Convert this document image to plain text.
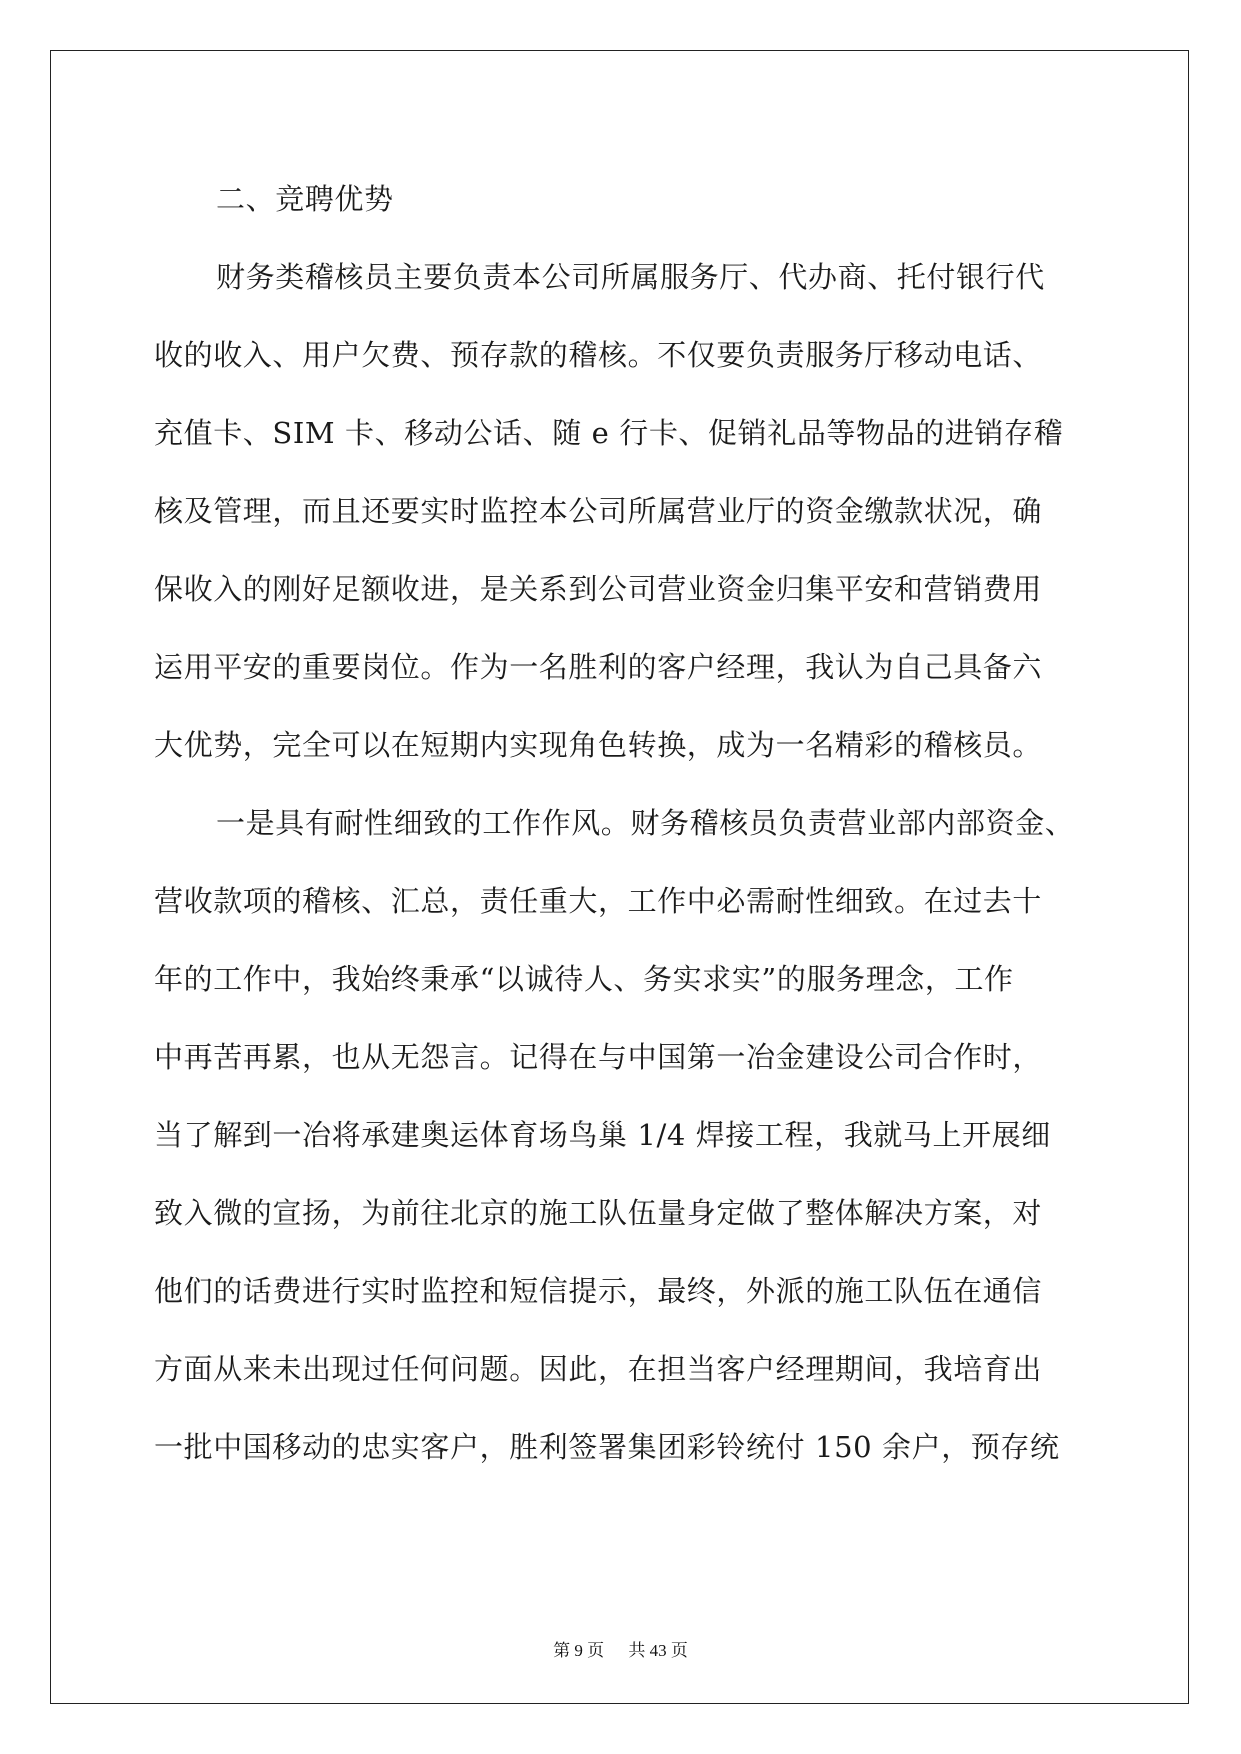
二、竞聘优势
财务类稽核员主要负责本公司所属服务厅、代办商、托付银行代
收的收入、用户欠费、预存款的稽核。不仅要负责服务厅移动电话、
充值卡、SIM 卡、移动公话、随 e 行卡、促销礼品等物品的进销存稽
核及管理，而且还要实时监控本公司所属营业厅的资金缴款状况，确
保收入的刚好足额收进，是关系到公司营业资金归集平安和营销费用
运用平安的重要岗位。作为一名胜利的客户经理，我认为自己具备六
大优势，完全可以在短期内实现角色转换，成为一名精彩的稽核员。
一是具有耐性细致的工作作风。财务稽核员负责营业部内部资金、
营收款项的稽核、汇总，责任重大，工作中必需耐性细致。在过去十
年的工作中，我始终秉承“以诚待人、务实求实”的服务理念，工作
中再苦再累，也从无怨言。记得在与中国第一冶金建设公司合作时，
当了解到一冶将承建奥运体育场鸟巢 1/4 焊接工程，我就马上开展细
致入微的宣扬，为前往北京的施工队伍量身定做了整体解决方案，对
他们的话费进行实时监控和短信提示，最终，外派的施工队伍在通信
方面从来未出现过任何问题。因此，在担当客户经理期间，我培育出
一批中国移动的忠实客户，胜利签署集团彩铃统付 150 余户，预存统
第 9 页 共 43 页
